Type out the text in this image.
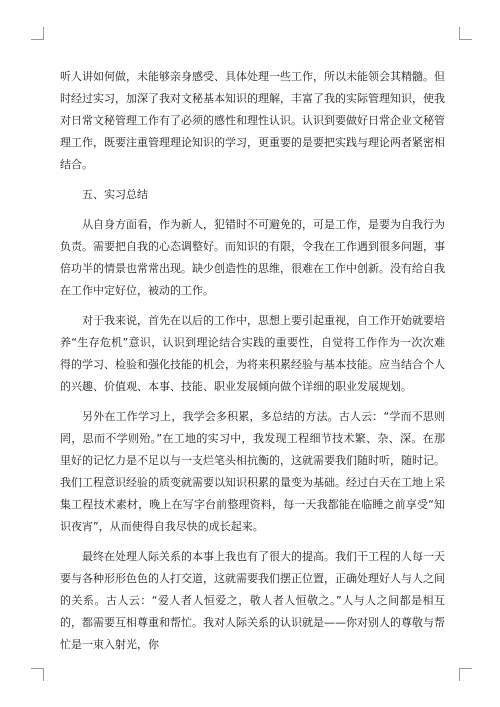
听人讲如何做，未能够亲身感受、具体处理一些工作，所以未能领会其精髓。但时经过实习，加深了我对文秘基本知识的理解，丰富了我的实际管理知识，使我对日常文秘管理工作有了必须的感性和理性认识。认识到要做好日常企业文秘管理工作，既要注重管理理论知识的学习，更重要的是要把实践与理论两者紧密相结合。

五、实习总结

从自身方面看，作为新人，犯错时不可避免的，可是工作，是要为自我行为负责。需要把自我的心态调整好。而知识的有限，令我在工作遇到很多问题，事倍功半的情景也常常出现。缺少创造性的思维，很难在工作中创新。没有给自我在工作中定好位，被动的工作。

对于我来说，首先在以后的工作中，思想上要引起重视，自工作开始就要培养“生存危机”意识，认识到理论结合实践的重要性，自觉将工作作为一次次难得的学习、检验和强化技能的机会，为将来积累经验与基本技能。应当结合个人的兴趣、价值观、本事、技能、职业发展倾向做个详细的职业发展规划。

另外在工作学习上，我学会多积累，多总结的方法。古人云：“学而不思则罔，思而不学则殆。”在工地的实习中，我发现工程细节技术繁、杂、深。在那里好的记忆力是不足以与一支烂笔头相抗衡的，这就需要我们随时听，随时记。我们工程意识经验的质变就需要以知识积累的量变为基础。经过白天在工地上采集工程技术素材，晚上在写字台前整理资料，每一天我都能在临睡之前享受“知识夜宵”，从而使得自我尽快的成长起来。

最终在处理人际关系的本事上我也有了很大的提高。我们干工程的人每一天要与各种形形色色的人打交道，这就需要我们摆正位置，正确处理好人与人之间的关系。古人云：“爱人者人恒爱之，敬人者人恒敬之。”人与人之间都是相互的，都需要互相尊重和帮忙。我对人际关系的认识就是——你对别人的尊敬与帮忙是一束入射光，你
